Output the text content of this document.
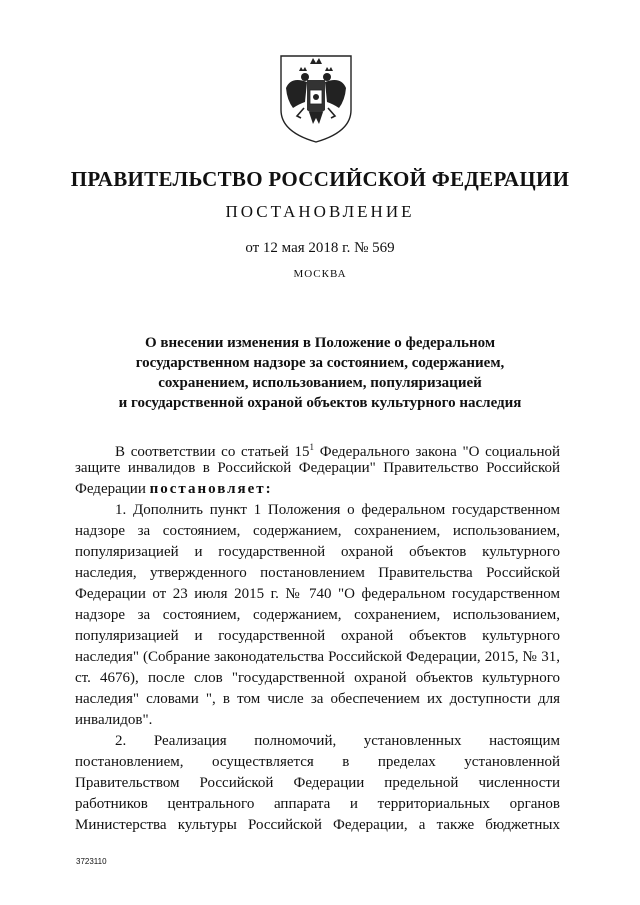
ПРАВИТЕЛЬСТВО РОССИЙСКОЙ ФЕДЕРАЦИИ
ПОСТАНОВЛЕНИЕ
от 12 мая 2018 г. № 569
МОСКВА
О внесении изменения в Положение о федеральном
государственном надзоре за состоянием, содержанием,
сохранением, использованием, популяризацией
и государственной охраной объектов культурного наследия
В соответствии со статьей $15^1$ Федерального закона "О социальной
защите инвалидов в Российской Федерации" Правительство Российской
Федерации постановляет:
1. Дополнить пункт 1 Положения о федеральном государственном
надзоре за состоянием, содержанием, сохранением, использованием,
популяризацией и государственной охраной объектов культурного
наследия, утвержденного постановлением Правительства Российской
Федерации от 23 июля 2015 г. № 740 "О федеральном государственном
надзоре за состоянием, содержанием, сохранением, использованием,
популяризацией и государственной охраной объектов культурного
наследия" (Собрание законодательства Российской Федерации, 2015, № 31,
ст. 4676), после слов "государственной охраной объектов культурного
наследия" словами ", в том числе за обеспечением их доступности для
инвалидов".
2. Реализация полномочий, установленных настоящим
постановлением, осуществляется в пределах установленной
Правительством Российской Федерации предельной численности
работников центрального аппарата и территориальных органов
Министерства культуры Российской Федерации, а также бюджетных
3723110
